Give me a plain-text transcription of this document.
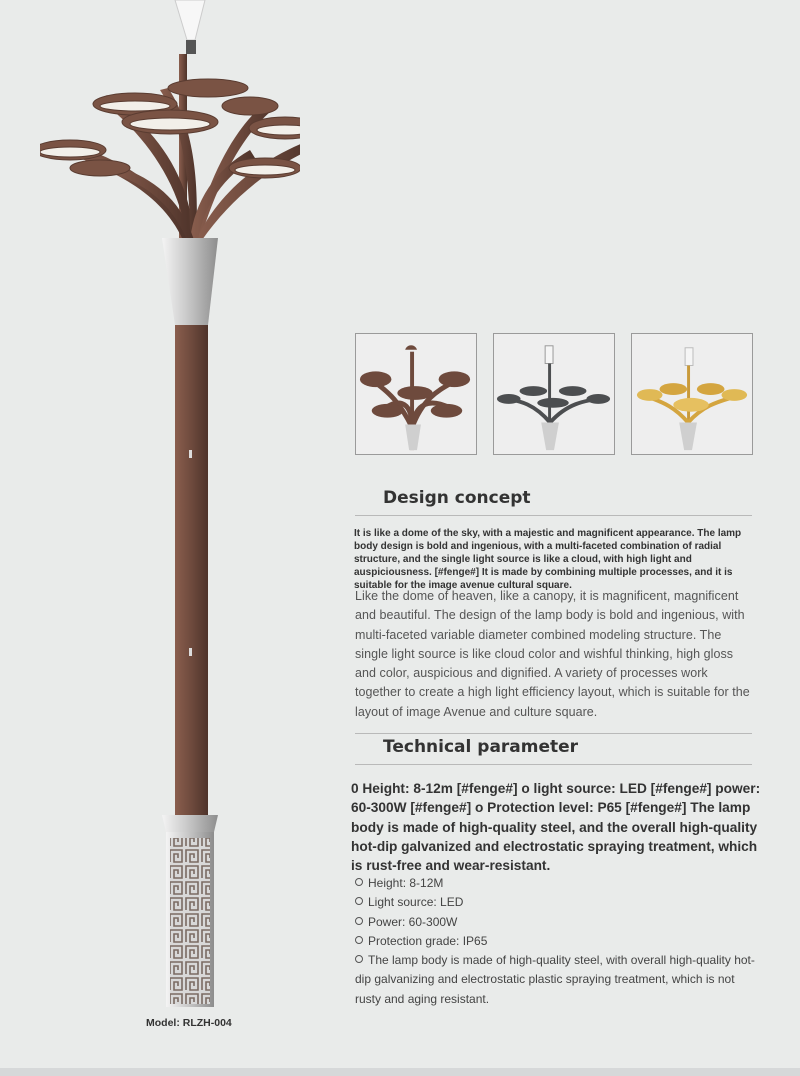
Design concept

It is like a dome of the sky, with a majestic and magnificent appearance. The lamp body design is bold and ingenious, with a multi-faceted combination of radial structure, and the single light source is like a cloud, with high light and auspiciousness. [#fenge#] It is made by combining multiple processes, and it is suitable for the image avenue cultural square.

Like the dome of heaven, like a canopy, it is magnificent, magnificent and beautiful. The design of the lamp body is bold and ingenious, with multi-faceted variable diameter combined modeling structure. The single light source is like cloud color and wishful thinking, high gloss and color, auspicious and dignified. A variety of processes work together to create a high light efficiency layout, which is suitable for the layout of image Avenue and culture square.

Technical parameter

0 Height: 8-12m [#fenge#] o light source: LED [#fenge#] power: 60-300W [#fenge#] o Protection level: P65 [#fenge#] The lamp body is made of high-quality steel, and the overall high-quality hot-dip galvanized and electrostatic spraying treatment, which is rust-free and wear-resistant.

Height: 8-12M
Light source: LED
Power: 60-300W
Protection grade: IP65
The lamp body is made of high-quality steel, with overall high-quality hot-dip galvanizing and electrostatic plastic spraying treatment, which is not rusty and aging resistant.

Model: RLZH-004
